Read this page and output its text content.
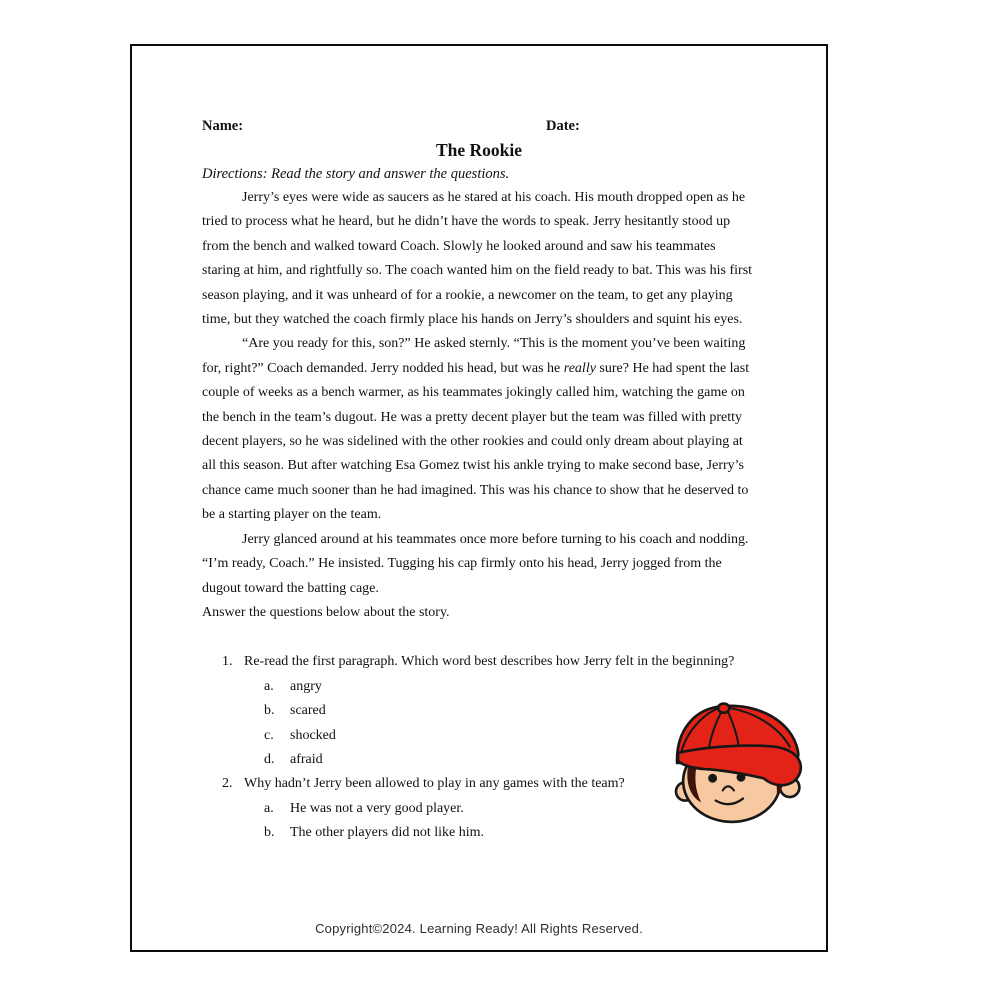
Name:	Date:
The Rookie
Directions: Read the story and answer the questions.

Jerry’s eyes were wide as saucers as he stared at his coach. His mouth dropped open as he tried to process what he heard, but he didn’t have the words to speak. Jerry hesitantly stood up from the bench and walked toward Coach. Slowly he looked around and saw his teammates staring at him, and rightfully so. The coach wanted him on the field ready to bat. This was his first season playing, and it was unheard of for a rookie, a newcomer on the team, to get any playing time, but they watched the coach firmly place his hands on Jerry’s shoulders and squint his eyes.

“Are you ready for this, son?” He asked sternly. “This is the moment you’ve been waiting for, right?” Coach demanded. Jerry nodded his head, but was he really sure? He had spent the last couple of weeks as a bench warmer, as his teammates jokingly called him, watching the game on the bench in the team’s dugout. He was a pretty decent player but the team was filled with pretty decent players, so he was sidelined with the other rookies and could only dream about playing at all this season. But after watching Esa Gomez twist his ankle trying to make second base, Jerry’s chance came much sooner than he had imagined. This was his chance to show that he deserved to be a starting player on the team.

Jerry glanced around at his teammates once more before turning to his coach and nodding. “I’m ready, Coach.” He insisted. Tugging his cap firmly onto his head, Jerry jogged from the dugout toward the batting cage.

Answer the questions below about the story.
1. Re-read the first paragraph. Which word best describes how Jerry felt in the beginning?
a.	angry
b.	scared
c.	shocked
d.	afraid
2. Why hadn’t Jerry been allowed to play in any games with the team?
a.	He was not a very good player.
b.	The other players did not like him.
Copyright©2024. Learning Ready! All Rights Reserved.
